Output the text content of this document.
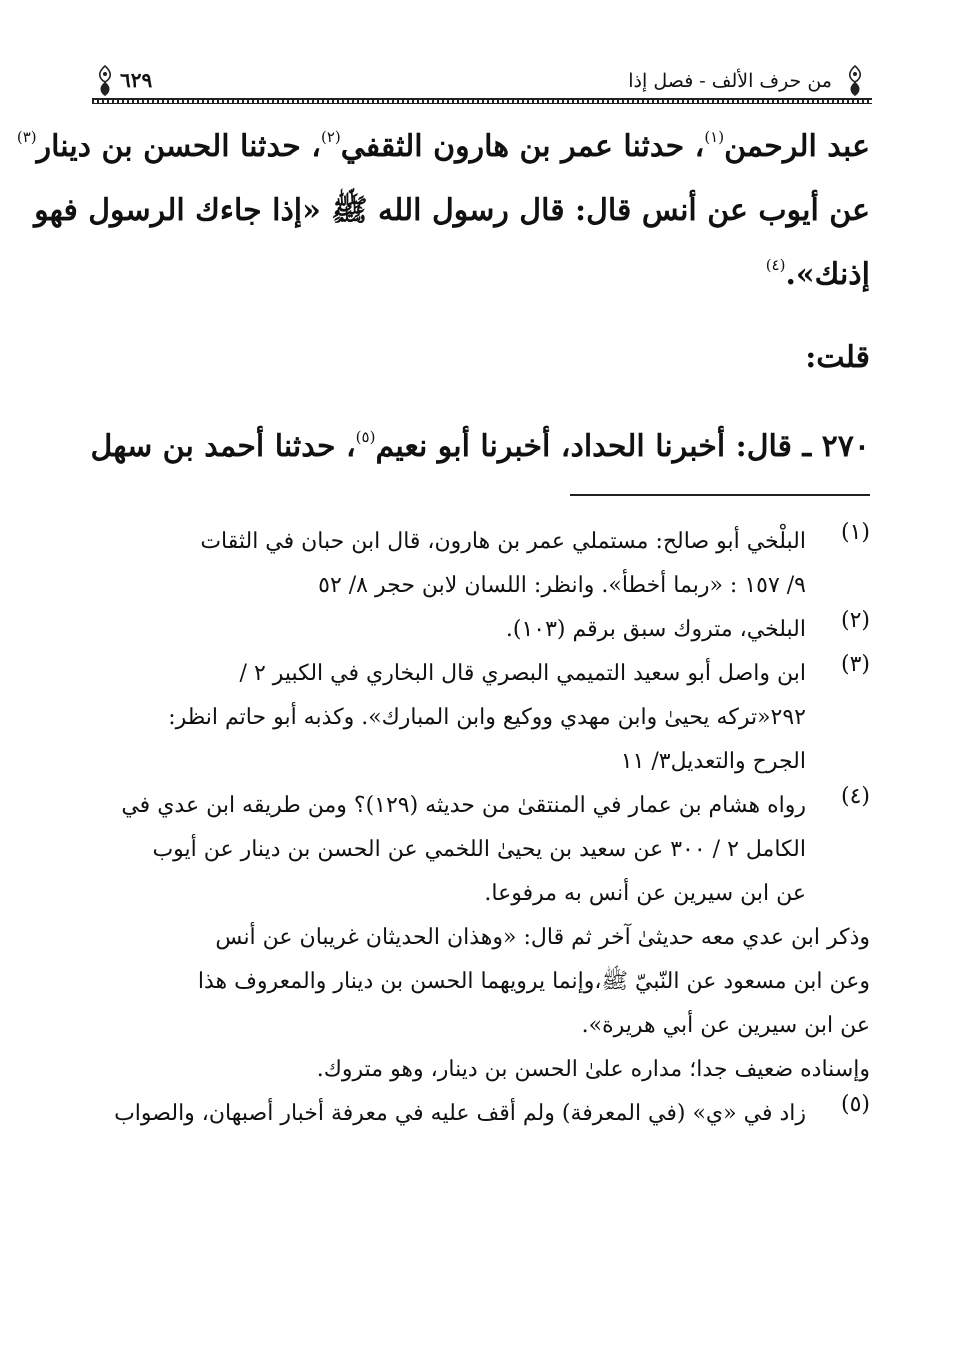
من حرف الألف - فصل إذا
٦٢٩
عبد الرحمن$^{(١)}$، حدثنا عمر بن هارون الثقفي$^{(٢)}$، حدثنا الحسن بن دينار$^{(٣)}$
عن أيوب عن أنس قال: قال رسول الله ﷺ «إذا جاءك الرسول فهو
إذنك».$^{(٤)}$
قلت:
٢٧٠ ـ قال: أخبرنا الحداد، أخبرنا أبو نعيم$^{(٥)}$، حدثنا أحمد بن سهل
(١)
البلْخي أبو صالح: مستملي عمر بن هارون، قال ابن حبان في الثقات
٩/ ١٥٧ : «ربما أخطأ». وانظر: اللسان لابن حجر ٨/ ٥٢
(٢)
البلخي، متروك سبق برقم (١٠٣).
(٣)
ابن واصل أبو سعيد التميمي البصري قال البخاري في الكبير ٢ /
٢٩٢«تركه يحيىٰ وابن مهدي ووكيع وابن المبارك». وكذبه أبو حاتم انظر:
الجرح والتعديل٣/ ١١
(٤)
رواه هشام بن عمار في المنتقىٰ من حديثه (١٢٩)؟ ومن طريقه ابن عدي في
الكامل ٢ / ٣٠٠ عن سعيد بن يحيىٰ اللخمي عن الحسن بن دينار عن أيوب
عن ابن سيرين عن أنس به مرفوعا.
وذكر ابن عدي معه حديثىٰ آخر ثم قال: «وهذان الحديثان غريبان عن أنس
وعن ابن مسعود عن النّبيّ ﷺ،وإنما يرويهما الحسن بن دينار والمعروف هذا
عن ابن سيرين عن أبي هريرة».
وإسناده ضعيف جدا؛ مداره علىٰ الحسن بن دينار، وهو متروك.
(٥)
زاد في «ي» (في المعرفة) ولم أقف عليه في معرفة أخبار أصبهان، والصواب
